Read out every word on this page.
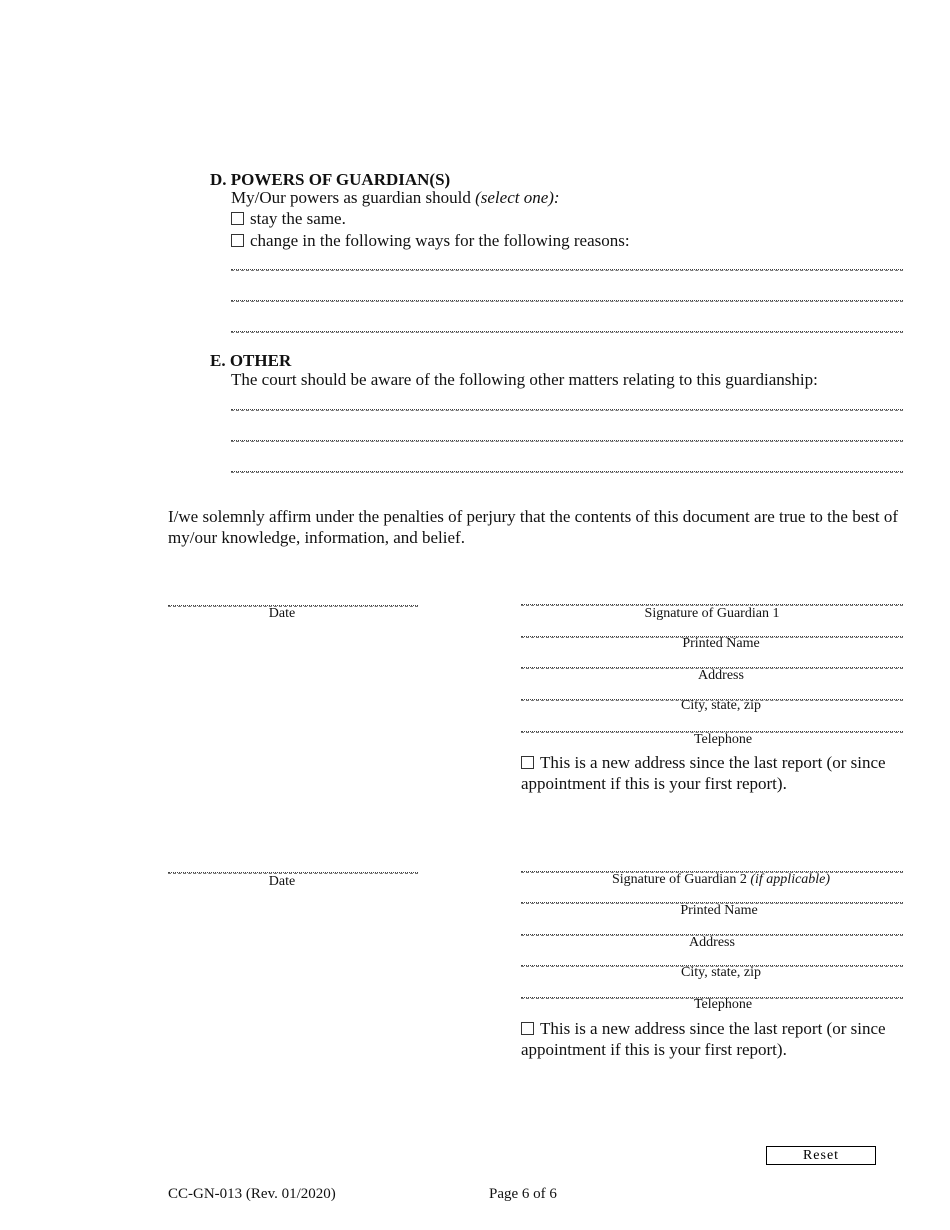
D. POWERS OF GUARDIAN(S)
My/Our powers as guardian should (select one):
stay the same.
change in the following ways for the following reasons:
E. OTHER
The court should be aware of the following other matters relating to this guardianship:
I/we solemnly affirm under the penalties of perjury that the contents of this document are true to the best of my/our knowledge, information, and belief.
Date	Signature of Guardian 1
Printed Name
Address
City, state, zip
Telephone
This is a new address since the last report (or since appointment if this is your first report).
Date	Signature of Guardian 2 (if applicable)
Printed Name
Address
City, state, zip
Telephone
This is a new address since the last report (or since appointment if this is your first report).
Reset
CC-GN-013 (Rev. 01/2020)	Page 6 of 6
